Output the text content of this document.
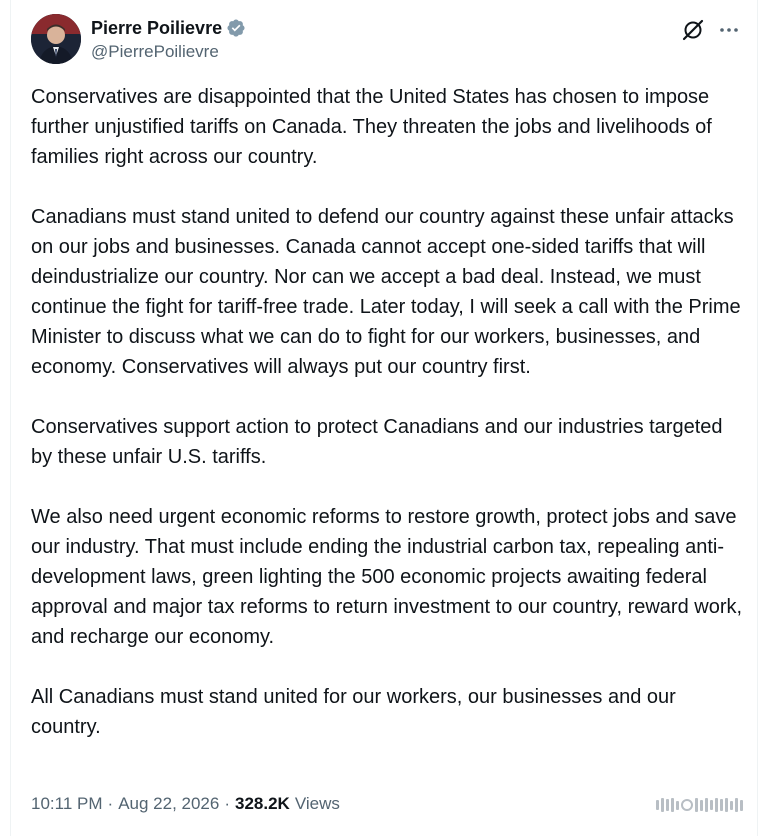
Pierre Poilievre
@PierrePoilievre

Conservatives are disappointed that the United States has chosen to impose further unjustified tariffs on Canada. They threaten the jobs and livelihoods of families right across our country.

Canadians must stand united to defend our country against these unfair attacks on our jobs and businesses. Canada cannot accept one-sided tariffs that will deindustrialize our country. Nor can we accept a bad deal. Instead, we must continue the fight for tariff-free trade. Later today, I will seek a call with the Prime Minister to discuss what we can do to fight for our workers, businesses, and economy. Conservatives will always put our country first.

Conservatives support action to protect Canadians and our industries targeted by these unfair U.S. tariffs.

We also need urgent economic reforms to restore growth, protect jobs and save our industry. That must include ending the industrial carbon tax, repealing anti-development laws, green lighting the 500 economic projects awaiting federal approval and major tax reforms to return investment to our country, reward work, and recharge our economy.

All Canadians must stand united for our workers, our businesses and our country.

10:11 PM · Aug 22, 2026 · 328.2K Views
